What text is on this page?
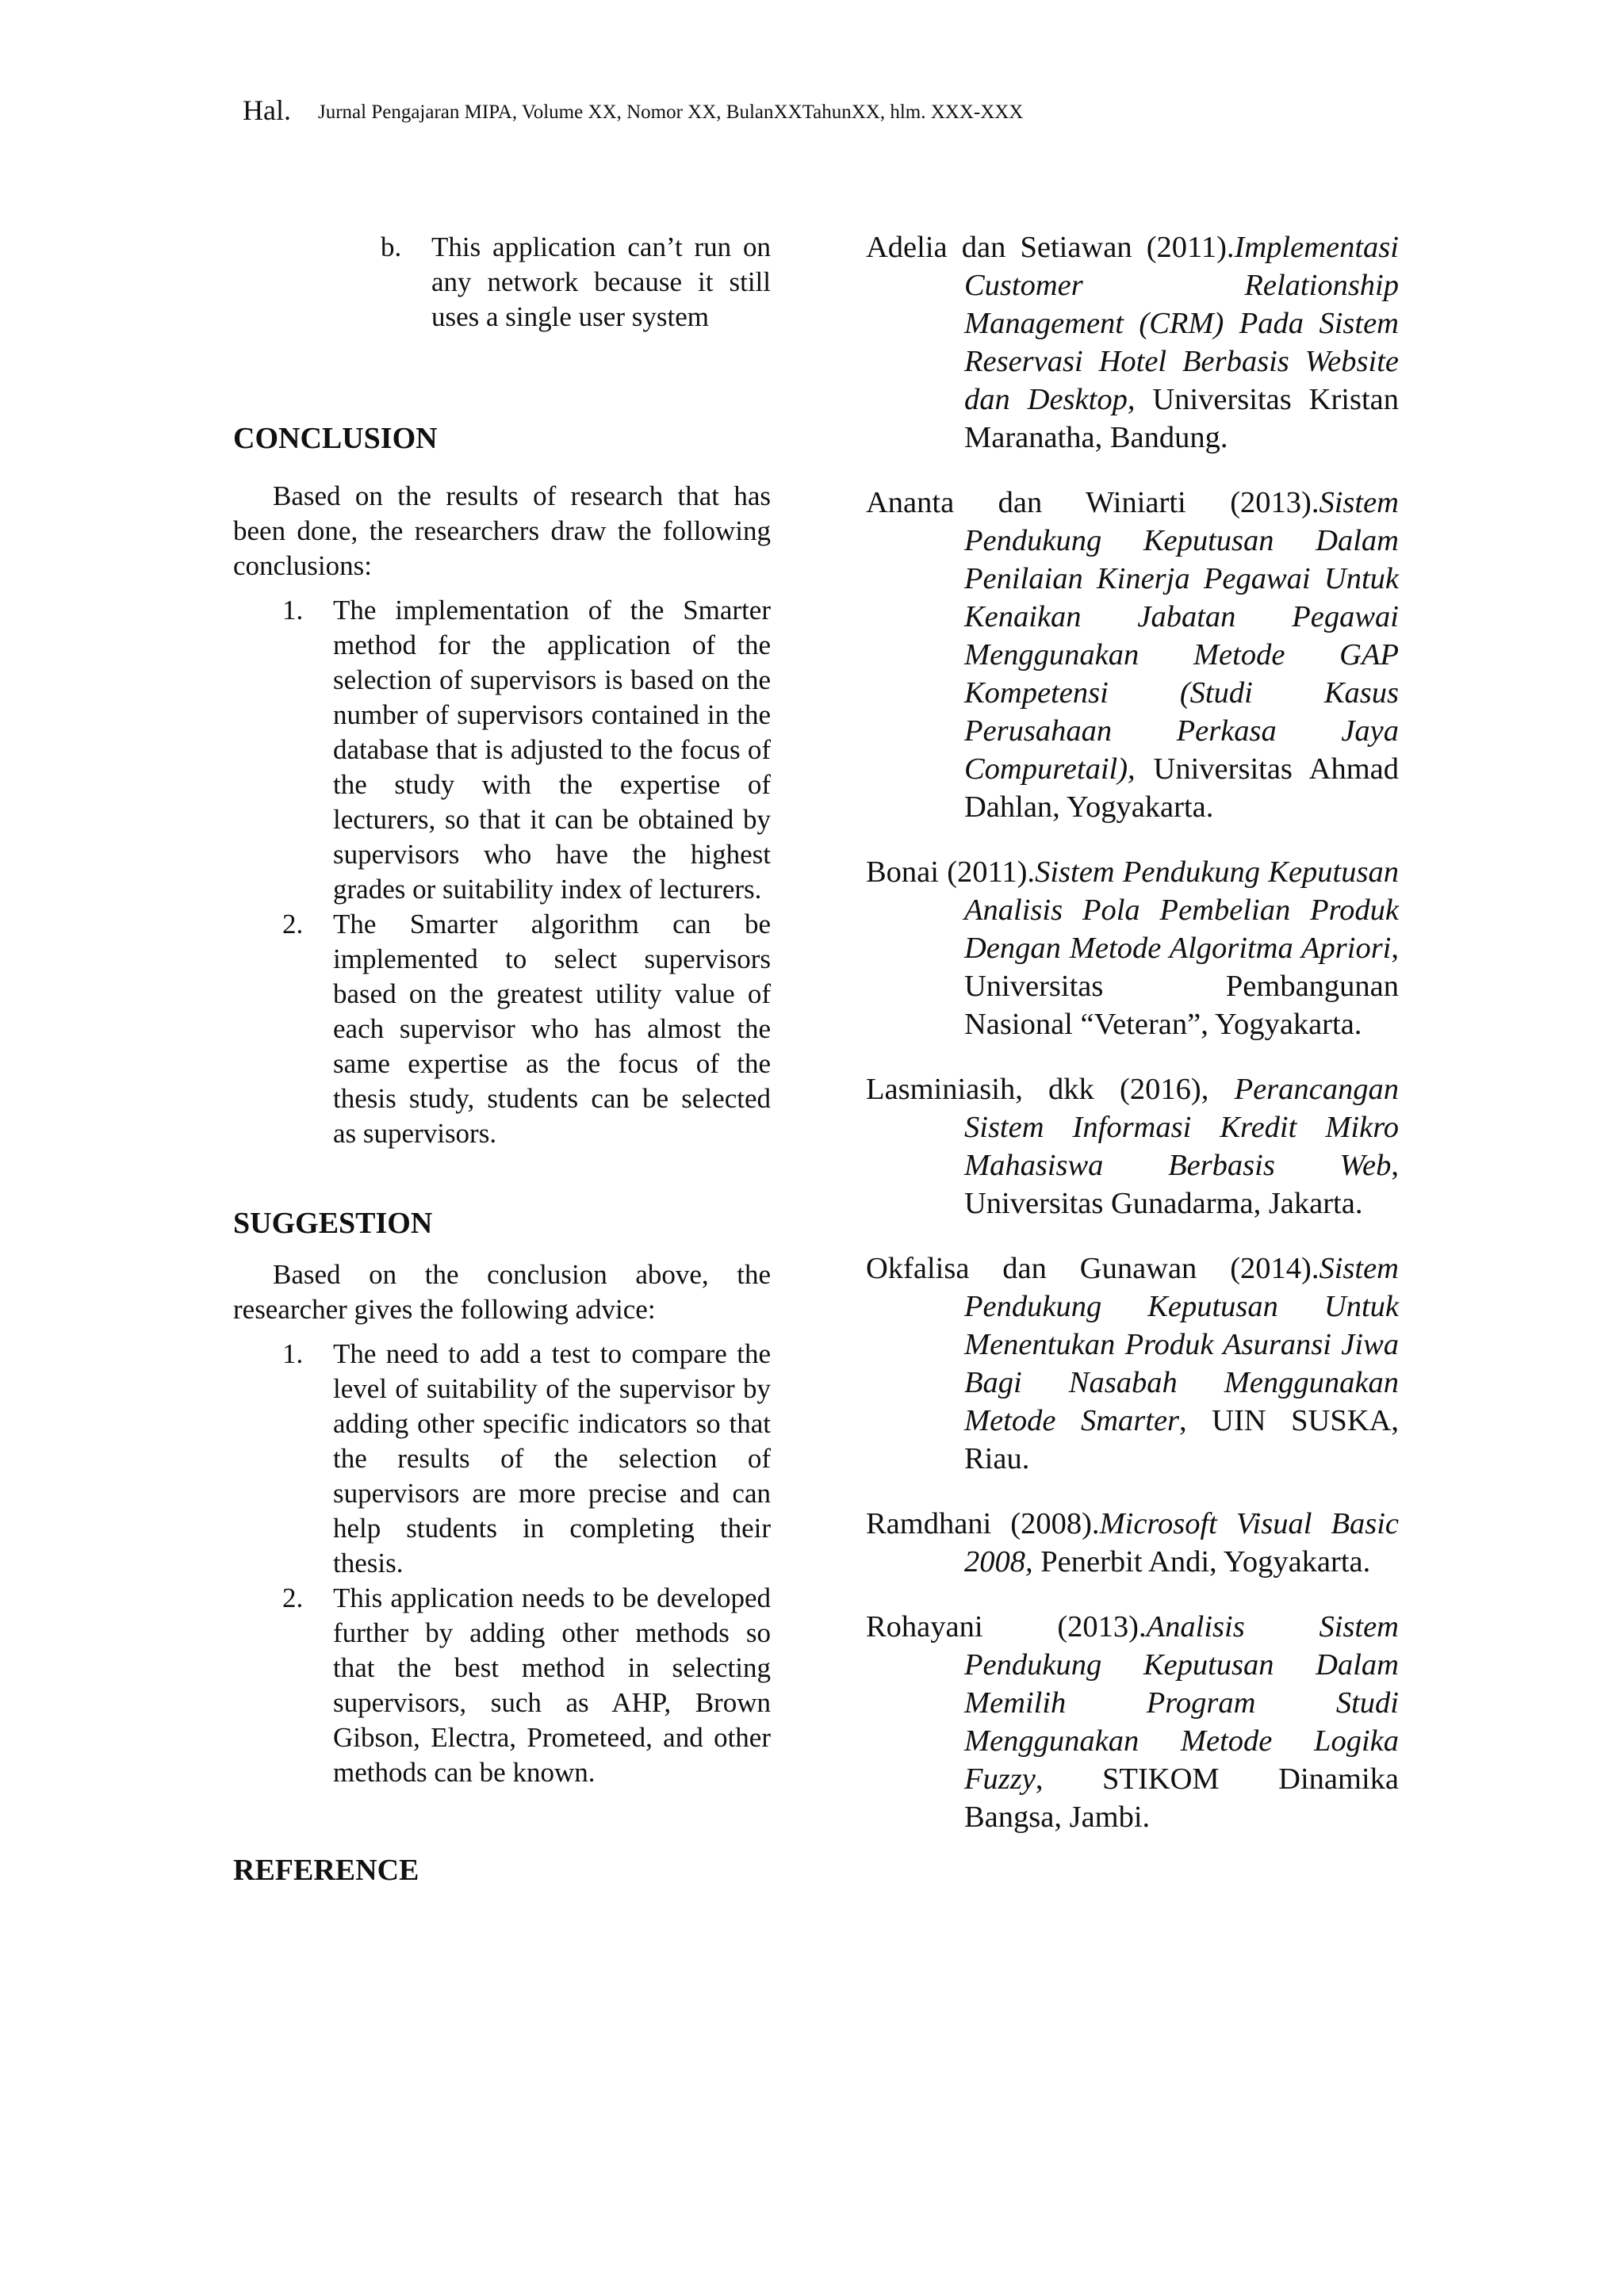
Hal. Jurnal Pengajaran MIPA, Volume XX, Nomor XX, BulanXXTahunXX, hlm. XXX-XXX
b. This application can’t run on any network because it still uses a single user system
CONCLUSION

Based on the results of research that has been done, the researchers draw the following conclusions:

1. The implementation of the Smarter method for the application of the selection of supervisors is based on the number of supervisors contained in the database that is adjusted to the focus of the study with the expertise of lecturers, so that it can be obtained by supervisors who have the highest grades or suitability index of lecturers.
2. The Smarter algorithm can be implemented to select supervisors based on the greatest utility value of each supervisor who has almost the same expertise as the focus of the thesis study, students can be selected as supervisors.
SUGGESTION

Based on the conclusion above, the researcher gives the following advice:

1. The need to add a test to compare the level of suitability of the supervisor by adding other specific indicators so that the results of the selection of supervisors are more precise and can help students in completing their thesis.
2. This application needs to be developed further by adding other methods so that the best method in selecting supervisors, such as AHP, Brown Gibson, Electra, Prometeed, and other methods can be known.
REFERENCE

Adelia dan Setiawan (2011).Implementasi Customer Relationship Management (CRM) Pada Sistem Reservasi Hotel Berbasis Website dan Desktop, Universitas Kristan Maranatha, Bandung.

Ananta dan Winiarti (2013).Sistem Pendukung Keputusan Dalam Penilaian Kinerja Pegawai Untuk Kenaikan Jabatan Pegawai Menggunakan Metode GAP Kompetensi (Studi Kasus Perusahaan Perkasa Jaya Compuretail), Universitas Ahmad Dahlan, Yogyakarta.

Bonai (2011).Sistem Pendukung Keputusan Analisis Pola Pembelian Produk Dengan Metode Algoritma Apriori, Universitas Pembangunan Nasional “Veteran”, Yogyakarta.

Lasminiasih, dkk (2016), Perancangan Sistem Informasi Kredit Mikro Mahasiswa Berbasis Web, Universitas Gunadarma, Jakarta.

Okfalisa dan Gunawan (2014).Sistem Pendukung Keputusan Untuk Menentukan Produk Asuransi Jiwa Bagi Nasabah Menggunakan Metode Smarter, UIN SUSKA, Riau.

Ramdhani (2008).Microsoft Visual Basic 2008, Penerbit Andi, Yogyakarta.

Rohayani (2013).Analisis Sistem Pendukung Keputusan Dalam Memilih Program Studi Menggunakan Metode Logika Fuzzy, STIKOM Dinamika Bangsa, Jambi.
